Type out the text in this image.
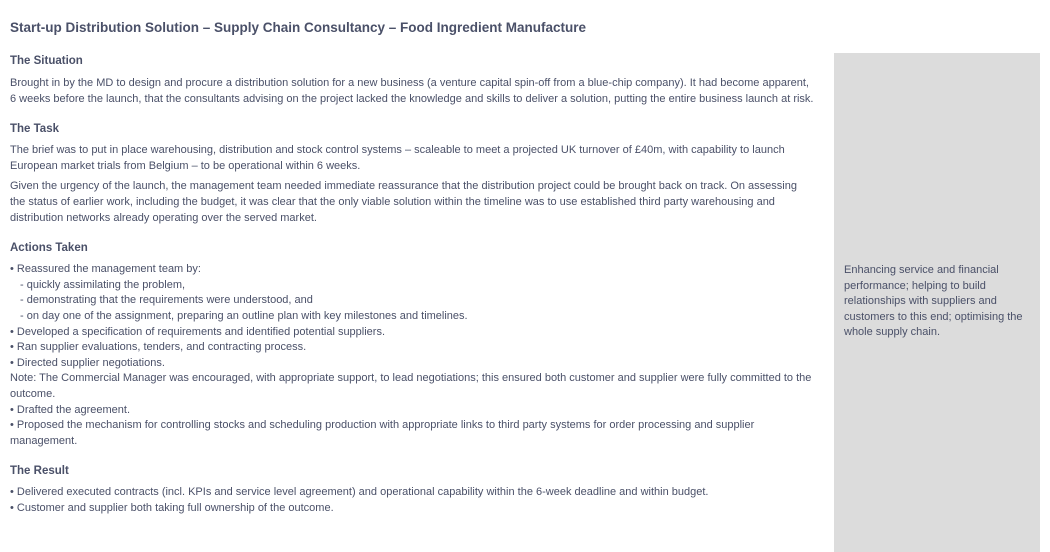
Start-up Distribution Solution – Supply Chain Consultancy – Food Ingredient Manufacture
The Situation

Brought in by the MD to design and procure a distribution solution for a new business (a venture capital spin-off from a blue-chip company). It had become apparent, 6 weeks before the launch, that the consultants advising on the project lacked the knowledge and skills to deliver a solution, putting the entire business launch at risk.

The Task

The brief was to put in place warehousing, distribution and stock control systems – scaleable to meet a projected UK turnover of £40m, with capability to launch European market trials from Belgium – to be operational within 6 weeks.

Given the urgency of the launch, the management team needed immediate reassurance that the distribution project could be brought back on track. On assessing the status of earlier work, including the budget, it was clear that the only viable solution within the timeline was to use established third party warehousing and distribution networks already operating over the served market.

Actions Taken
• Reassured the management team by:
- quickly assimilating the problem,
- demonstrating that the requirements were understood, and
- on day one of the assignment, preparing an outline plan with key milestones and timelines.
• Developed a specification of requirements and identified potential suppliers.
• Ran supplier evaluations, tenders, and contracting process.
• Directed supplier negotiations.

Note: The Commercial Manager was encouraged, with appropriate support, to lead negotiations; this ensured both customer and supplier were fully committed to the outcome.

• Drafted the agreement.

• Proposed the mechanism for controlling stocks and scheduling production with appropriate links to third party systems for order processing and supplier management.

The Result
• Delivered executed contracts (incl. KPIs and service level agreement) and operational capability within the 6-week deadline and within budget.
• Customer and supplier both taking full ownership of the outcome.
Enhancing service and financial performance; helping to build relationships with suppliers and customers to this end; optimising the whole supply chain.
